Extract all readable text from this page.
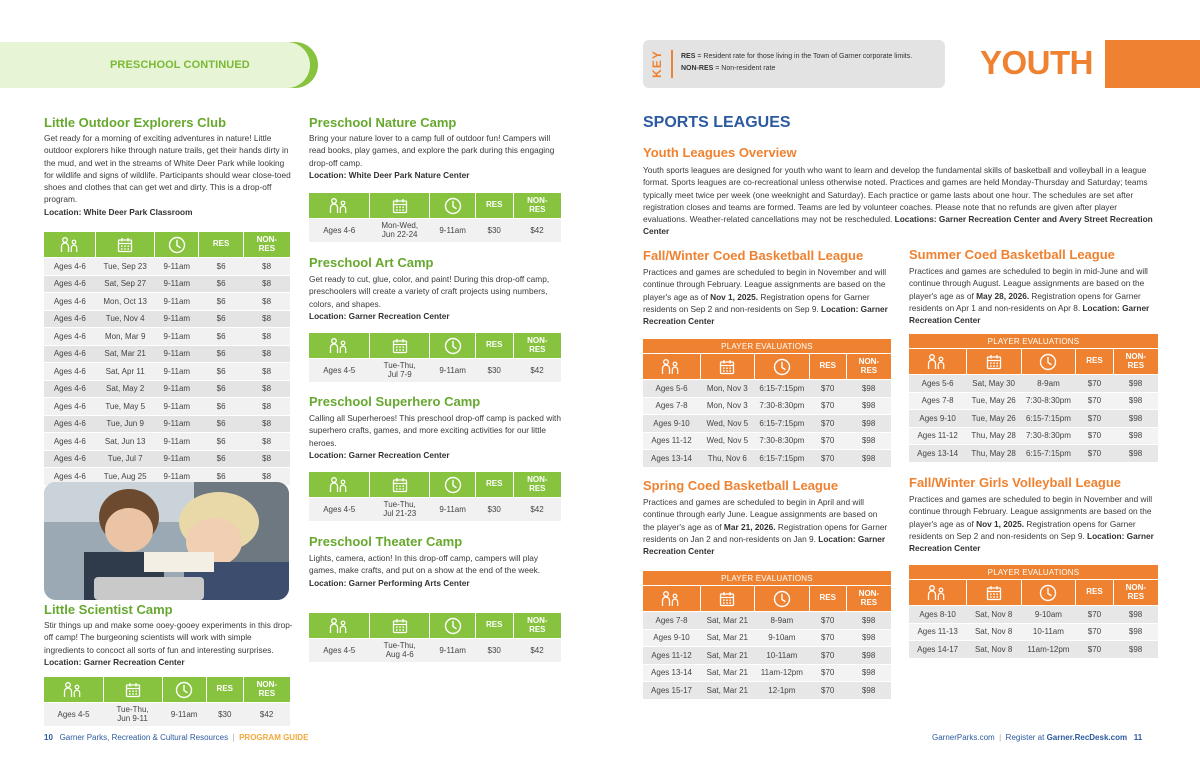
PRESCHOOL CONTINUED	KEY RES = Resident rate for those living in the Town of Garner corporate limits.

NON-RES = Non-resident rate	YOUTH
Little Outdoor Explorers Club
Get ready for a morning of exciting adventures in nature! Little outdoor explorers hike through nature trails, get their hands dirty in the mud, and wet in the streams of White Deer Park while looking for wildlife and signs of wildlife. Participants should wear close-toed shoes and clothes that can get wet and dirty. This is a drop-off program.
Location: White Deer Park Classroom
			RES	NON-
RES
Ages 4-6	Tue, Sep 23	9-11am	$6	$8
Ages 4-6	Sat, Sep 27	9-11am	$6	$8
Ages 4-6	Mon, Oct 13	9-11am	$6	$8
Ages 4-6	Tue, Nov 4	9-11am	$6	$8
Ages 4-6	Mon, Mar 9	9-11am	$6	$8
Ages 4-6	Sat, Mar 21	9-11am	$6	$8
Ages 4-6	Sat, Apr 11	9-11am	$6	$8
Ages 4-6	Sat, May 2	9-11am	$6	$8
Ages 4-6	Tue, May 5	9-11am	$6	$8
Ages 4-6	Tue, Jun 9	9-11am	$6	$8
Ages 4-6	Sat, Jun 13	9-11am	$6	$8
Ages 4-6	Tue, Jul 7	9-11am	$6	$8
Ages 4-6	Tue, Aug 25	9-11am	$6	$8
Little Scientist Camp
Stir things up and make some ooey-gooey experiments in this drop-off camp! The burgeoning scientists will work with simple ingredients to concoct all sorts of fun and interesting surprises. Location: Garner Recreation Center
			RES	NON-
RES
Ages 4-5	Tue-Thu,
Jun 9-11	9-11am	$30	$42
Preschool Nature Camp
Bring your nature lover to a camp full of outdoor fun! Campers will read books, play games, and explore the park during this engaging drop-off camp.
Location: White Deer Park Nature Center
			RES	NON-
RES
Ages 4-6	Mon-Wed,
Jun 22-24	9-11am	$30	$42
Preschool Art Camp
Get ready to cut, glue, color, and paint! During this drop-off camp, preschoolers will create a variety of craft projects using numbers, colors, and shapes.
Location: Garner Recreation Center
			RES	NON-
RES
Ages 4-5	Tue-Thu,
Jul 7-9	9-11am	$30	$42
Preschool Superhero Camp
Calling all Superheroes! This preschool drop-off camp is packed with superhero crafts, games, and more exciting activities for our little heroes.
Location: Garner Recreation Center
			RES	NON-
RES
Ages 4-5	Tue-Thu,
Jul 21-23	9-11am	$30	$42
Preschool Theater Camp
Lights, camera, action! In this drop-off camp, campers will play games, make crafts, and put on a show at the end of the week.
Location: Garner Performing Arts Center
			RES	NON-
RES
Ages 4-5	Tue-Thu,
Aug 4-6	9-11am	$30	$42
SPORTS LEAGUES
Youth Leagues Overview
Youth sports leagues are designed for youth who want to learn and develop the fundamental skills of basketball and volleyball in a league format. Sports leagues are co-recreational unless otherwise noted. Practices and games are held Monday-Thursday and Saturday; teams typically meet twice per week (one weeknight and Saturday). Each practice or game lasts about one hour. The schedules are set after registration closes and teams are formed. Teams are led by volunteer coaches. Please note that no refunds are given after player evaluations. Weather-related cancellations may not be rescheduled. Locations: Garner Recreation Center and Avery Street Recreation Center
Fall/Winter Coed Basketball League
Practices and games are scheduled to begin in November and will continue through February. League assignments are based on the player's age as of Nov 1, 2025. Registration opens for Garner residents on Sep 2 and non-residents on Sep 9. Location: Garner Recreation Center
PLAYER EVALUATIONS				
			RES	NON-
RES
Ages 5-6	Mon, Nov 3	6:15-7:15pm	$70	$98
Ages 7-8	Mon, Nov 3	7:30-8:30pm	$70	$98
Ages 9-10	Wed, Nov 5	6:15-7:15pm	$70	$98
Ages 11-12	Wed, Nov 5	7:30-8:30pm	$70	$98
Ages 13-14	Thu, Nov 6	6:15-7:15pm	$70	$98
Spring Coed Basketball League
Practices and games are scheduled to begin in April and will continue through early June. League assignments are based on the player's age as of Mar 21, 2026. Registration opens for Garner residents on Jan 2 and non-residents on Jan 9. Location: Garner Recreation Center
PLAYER EVALUATIONS				
			RES	NON-
RES
Ages 7-8	Sat, Mar 21	8-9am	$70	$98
Ages 9-10	Sat, Mar 21	9-10am	$70	$98
Ages 11-12	Sat, Mar 21	10-11am	$70	$98
Ages 13-14	Sat, Mar 21	11am-12pm	$70	$98
Ages 15-17	Sat, Mar 21	12-1pm	$70	$98
Summer Coed Basketball League
Practices and games are scheduled to begin in mid-June and will continue through August. League assignments are based on the player's age as of May 28, 2026. Registration opens for Garner residents on Apr 1 and non-residents on Apr 8. Location: Garner Recreation Center
PLAYER EVALUATIONS				
			RES	NON-
RES
Ages 5-6	Sat, May 30	8-9am	$70	$98
Ages 7-8	Tue, May 26	7:30-8:30pm	$70	$98
Ages 9-10	Tue, May 26	6:15-7:15pm	$70	$98
Ages 11-12	Thu, May 28	7:30-8:30pm	$70	$98
Ages 13-14	Thu, May 28	6:15-7:15pm	$70	$98
Fall/Winter Girls Volleyball League
Practices and games are scheduled to begin in November and will continue through February. League assignments are based on the player's age as of Nov 1, 2025. Registration opens for Garner residents on Sep 2 and non-residents on Sep 9. Location: Garner Recreation Center
PLAYER EVALUATIONS				
			RES	NON-
RES
Ages 8-10	Sat, Nov 8	9-10am	$70	$98
Ages 11-13	Sat, Nov 8	10-11am	$70	$98
Ages 14-17	Sat, Nov 8	11am-12pm	$70	$98
10 Garner Parks, Recreation & Cultural Resources | PROGRAM GUIDE	GarnerParks.com | Register at Garner.RecDesk.com 11
